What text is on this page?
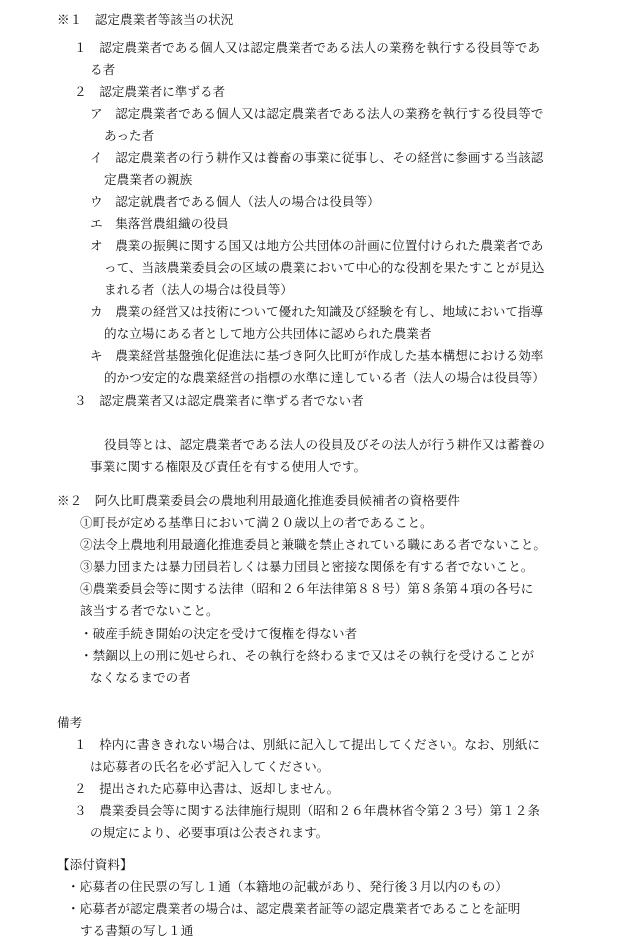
※１　認定農業者等該当の状況
１　認定農業者である個人又は認定農業者である法人の業務を執行する役員等であ
る者
２　認定農業者に準ずる者
ア　認定農業者である個人又は認定農業者である法人の業務を執行する役員等で
あった者
イ　認定農業者の行う耕作又は養畜の事業に従事し、その経営に参画する当該認
定農業者の親族
ウ　認定就農者である個人（法人の場合は役員等）
エ　集落営農組織の役員
オ　農業の振興に関する国又は地方公共団体の計画に位置付けられた農業者であ
って、当該農業委員会の区域の農業において中心的な役割を果たすことが見込
まれる者（法人の場合は役員等）
カ　農業の経営又は技術について優れた知識及び経験を有し、地域において指導
的な立場にある者として地方公共団体に認められた農業者
キ　農業経営基盤強化促進法に基づき阿久比町が作成した基本構想における効率
的かつ安定的な農業経営の指標の水準に達している者（法人の場合は役員等）
３　認定農業者又は認定農業者に準ずる者でない者
役員等とは、認定農業者である法人の役員及びその法人が行う耕作又は蓄養の
事業に関する権限及び責任を有する使用人です。
※２　阿久比町農業委員会の農地利用最適化推進委員候補者の資格要件
①町長が定める基準日において満２０歳以上の者であること。
②法令上農地利用最適化推進委員と兼職を禁止されている職にある者でないこと。
③暴力団または暴力団員若しくは暴力団員と密接な関係を有する者でないこと。
④農業委員会等に関する法律（昭和２６年法律第８８号）第８条第４項の各号に
該当する者でないこと。
・破産手続き開始の決定を受けて復権を得ない者
・禁錮以上の刑に処せられ、その執行を終わるまで又はその執行を受けることが
なくなるまでの者
備考
１　枠内に書ききれない場合は、別紙に記入して提出してください。なお、別紙に
は応募者の氏名を必ず記入してください。
２　提出された応募申込書は、返却しません。
３　農業委員会等に関する法律施行規則（昭和２６年農林省令第２３号）第１２条
の規定により、必要事項は公表されます。
【添付資料】
・応募者の住民票の写し１通（本籍地の記載があり、発行後３月以内のもの）
・応募者が認定農業者の場合は、認定農業者証等の認定農業者であることを証明
する書類の写し１通
